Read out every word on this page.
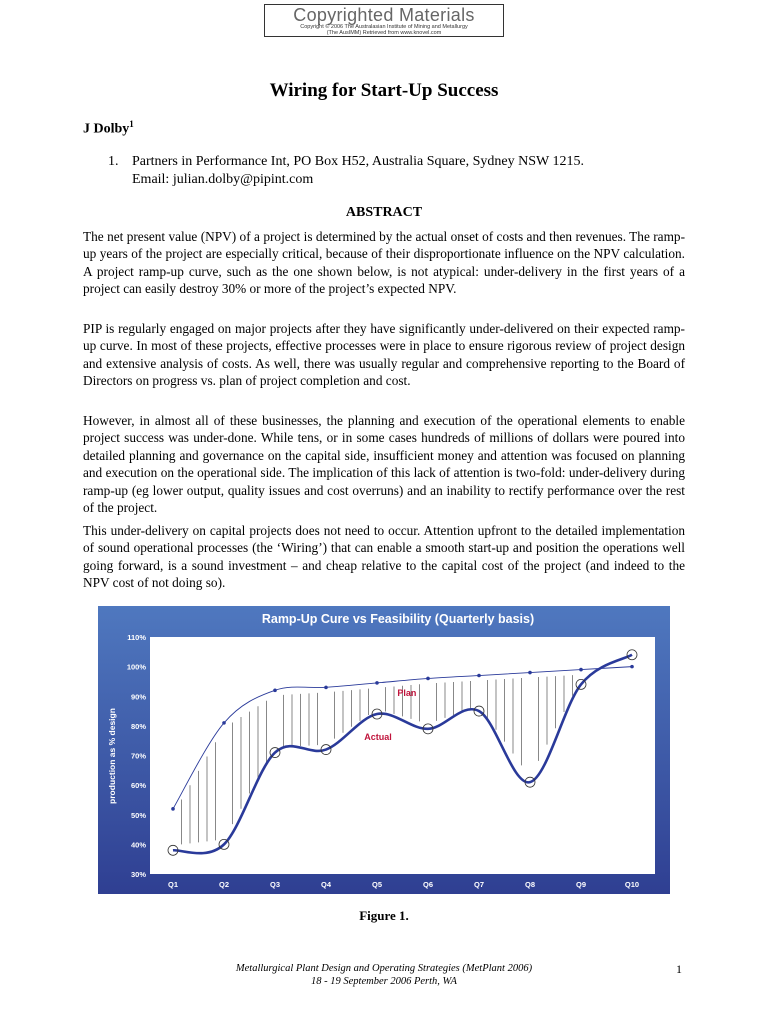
Copyrighted Materials
Copyright © 2006 The Australasian Institute of Mining and Metallurgy
(The AusIMM) Retrieved from www.knovel.com
Wiring for Start-Up Success
J Dolby$^1$
1. Partners in Performance Int, PO Box H52, Australia Square, Sydney NSW 1215.
Email: julian.dolby@pipint.com
ABSTRACT

The net present value (NPV) of a project is determined by the actual onset of costs and then revenues. The ramp-up years of the project are especially critical, because of their disproportionate influence on the NPV calculation. A project ramp-up curve, such as the one shown below, is not atypical: under-delivery in the first years of a project can easily destroy 30% or more of the project’s expected NPV.

PIP is regularly engaged on major projects after they have significantly under-delivered on their expected ramp-up curve. In most of these projects, effective processes were in place to ensure rigorous review of project design and extensive analysis of costs. As well, there was usually regular and comprehensive reporting to the Board of Directors on progress vs. plan of project completion and cost.

However, in almost all of these businesses, the planning and execution of the operational elements to enable project success was under-done. While tens, or in some cases hundreds of millions of dollars were poured into detailed planning and governance on the capital side, insufficient money and attention was focused on planning and execution on the operational side. The implication of this lack of attention is two-fold: under-delivery during ramp-up (eg lower output, quality issues and cost overruns) and an inability to rectify performance over the rest of the project.

This under-delivery on capital projects does not need to occur. Attention upfront to the detailed implementation of sound operational processes (the ‘Wiring’) that can enable a smooth start-up and position the operations well going forward, is a sound investment – and cheap relative to the capital cost of the project (and indeed to the NPV cost of not doing so).

Ramp-Up Cure vs Feasibility (Quarterly basis)
production as % design
30%
40%
50%
60%
70%
80%
90%
100%
110%
Q1	Q2	Q3	Q4	Q5	Q6	Q7	Q8	Q9	Q10
Plan
Actual
Figure 1.
Metallurgical Plant Design and Operating Strategies (MetPlant 2006)
18 - 19 September 2006 Perth, WA
1
